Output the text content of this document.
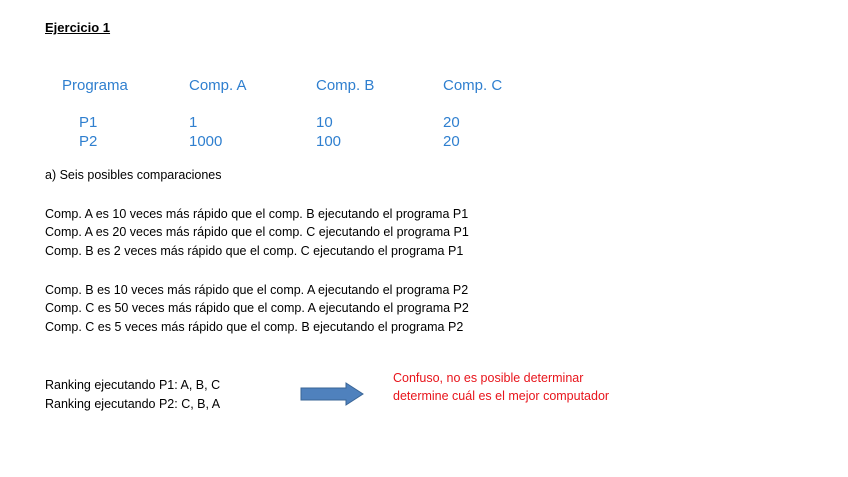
Ejercicio 1
Programa	Comp. A	Comp. B	Comp. C
P1	1	10	20
P2	1000	100	20
a) Seis posibles comparaciones
Comp. A es 10 veces más rápido que el comp. B ejecutando el programa P1
Comp. A es 20 veces más rápido que el comp. C ejecutando el programa P1
Comp. B es 2 veces más rápido que el comp. C ejecutando el programa P1
Comp. B es 10 veces más rápido que el comp. A ejecutando el programa P2
Comp. C es 50 veces más rápido que el comp. A ejecutando el programa P2
Comp. C es 5 veces más rápido que el comp. B ejecutando el programa P2
Ranking ejecutando P1: A, B, C
Ranking ejecutando P2: C, B, A
Confuso, no es posible determinar
determine cuál es el mejor computador
